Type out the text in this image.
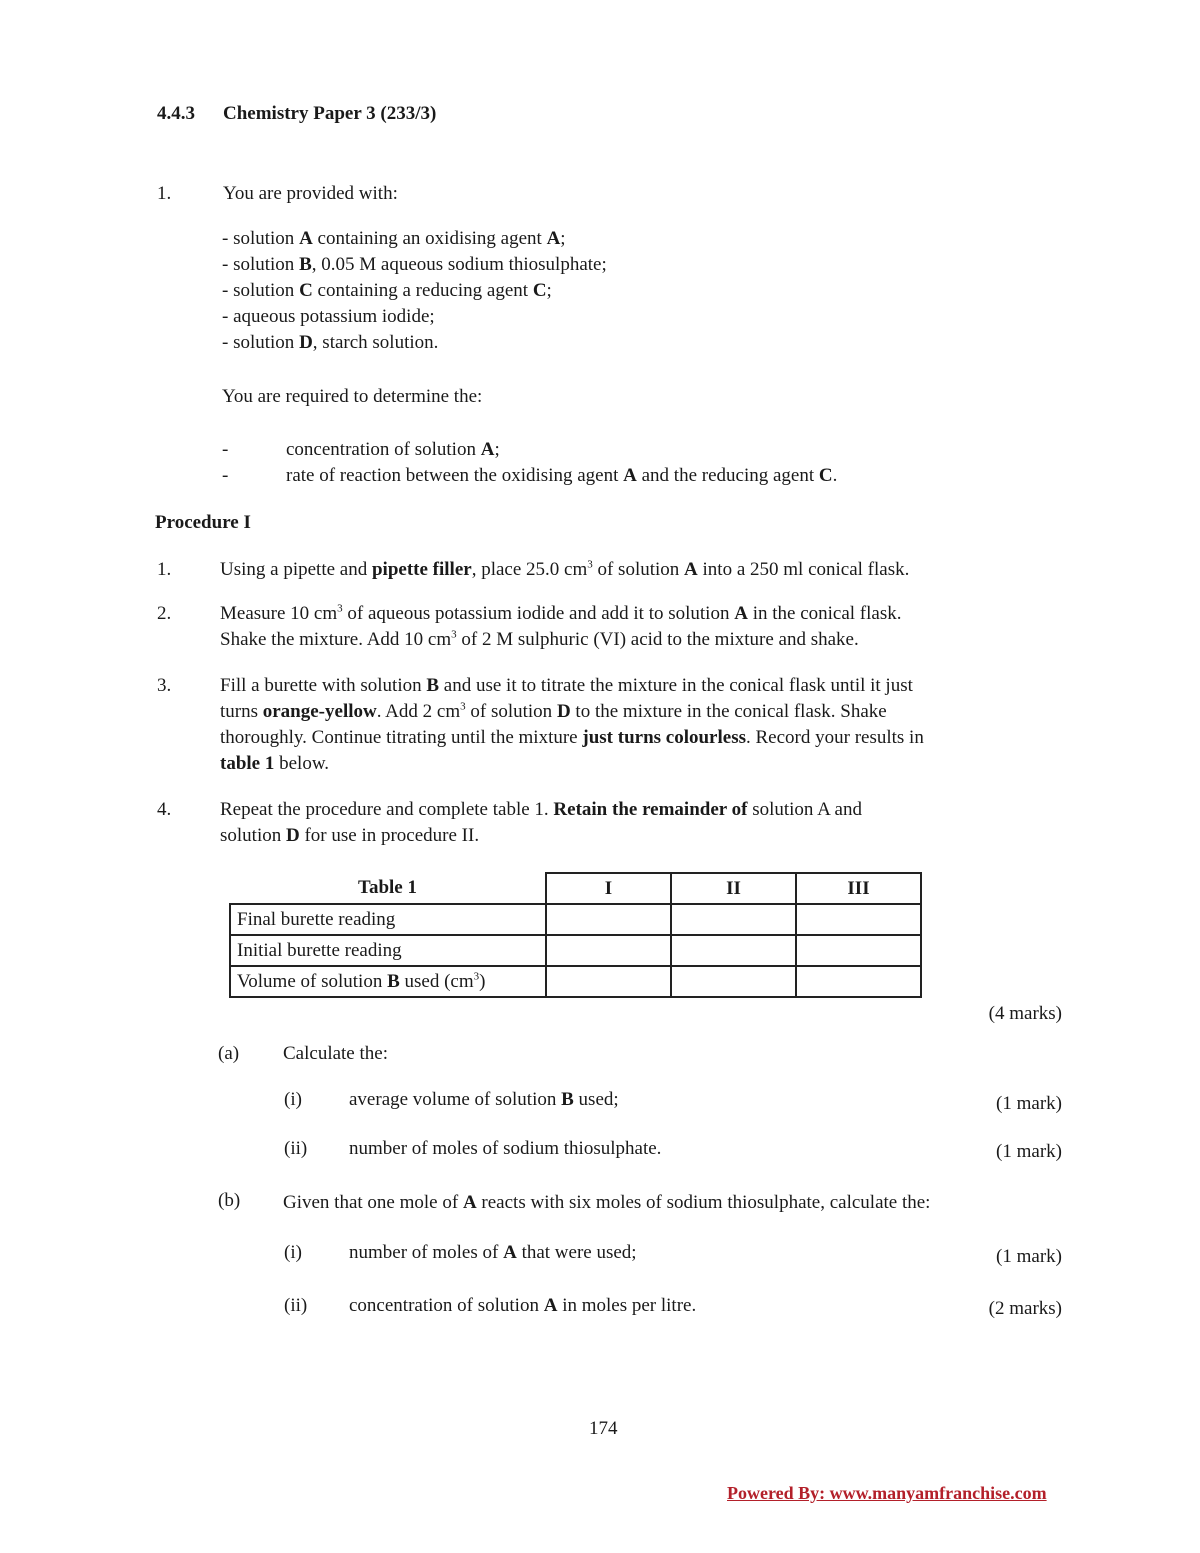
4.4.3 Chemistry Paper 3 (233/3)
1.	You are provided with:
- solution A containing an oxidising agent A;
- solution B, 0.05 M aqueous sodium thiosulphate;
- solution C containing a reducing agent C;
- aqueous potassium iodide;
- solution D, starch solution.
You are required to determine the:
-	concentration of solution A;
-	rate of reaction between the oxidising agent A and the reducing agent C.
Procedure I
1.	Using a pipette and pipette filler, place 25.0 $cm^3$ of solution A into a 250 ml conical flask.
2.	Measure 10 $cm^3$ of aqueous potassium iodide and add it to solution A in the conical flask.
Shake the mixture. Add 10 $cm^3$ of 2 M sulphuric (VI) acid to the mixture and shake.
3.	Fill a burette with solution B and use it to titrate the mixture in the conical flask until it just
turns orange-yellow. Add 2 $cm^3$ of solution D to the mixture in the conical flask. Shake
thoroughly. Continue titrating until the mixture just turns colourless. Record your results in
table 1 below.
4.	Repeat the procedure and complete table 1. Retain the remainder of solution A and
solution D for use in procedure II.
Table 1	I	II	III
Final burette reading			
Initial burette reading			
Volume of solution B used $(cm^3)$			
(4 marks)
(a) Calculate the:
(i) average volume of solution B used;	(1 mark)
(ii) number of moles of sodium thiosulphate.	(1 mark)
(b) Given that one mole of A reacts with six moles of sodium thiosulphate, calculate the:
(i) number of moles of A that were used;	(1 mark)
(ii) concentration of solution A in moles per litre.	(2 marks)
174
Powered By: www.manyamfranchise.com
